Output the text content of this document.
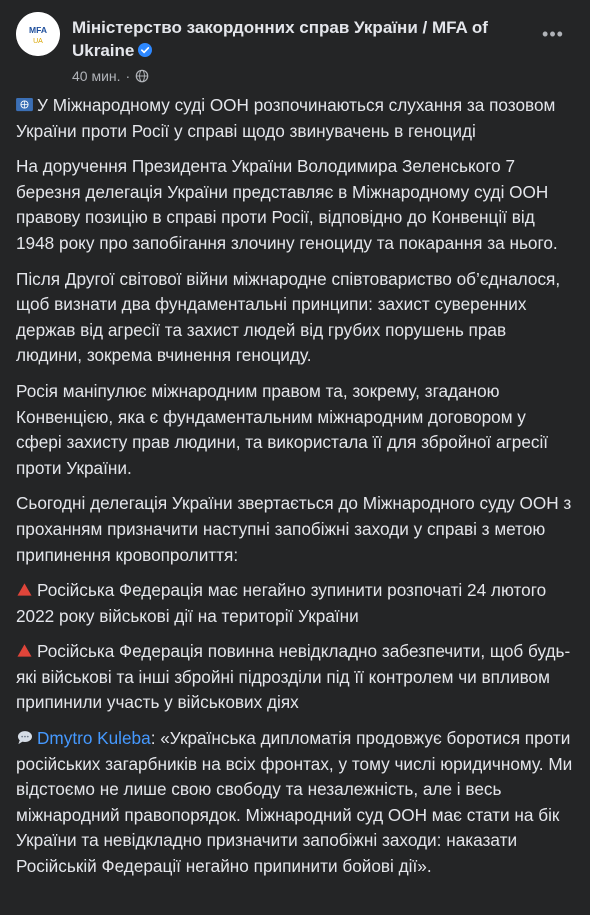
MFA
UA
Міністерство закордонних справ України / MFA of Ukraine
40 мин. ·
•••

У Міжнародному суді ООН розпочинаються слухання за позовом України проти Росії у справі щодо звинувачень в геноциді

На доручення Президента України Володимира Зеленського 7 березня делегація України представляє в Міжнародному суді ООН правову позицію в справі проти Росії, відповідно до Конвенції від 1948 року про запобігання злочину геноциду та покарання за нього.

Після Другої світової війни міжнародне співтовариство об’єдналося, щоб визнати два фундаментальні принципи: захист суверенних держав від агресії та захист людей від грубих порушень прав людини, зокрема вчинення геноциду.

Росія маніпулює міжнародним правом та, зокрему, згаданою Конвенцією, яка є фундаментальним міжнародним договором у сфері захисту прав людини, та використала її для збройної агресії проти України.

Сьогодні делегація України звертається до Міжнародного суду ООН з проханням призначити наступні запобіжні заходи у справі з метою припинення кровопролиття:

Російська Федерація має негайно зупинити розпочаті 24 лютого 2022 року військові дії на території України

Російська Федерація повинна невідкладно забезпечити, щоб будь-які військові та інші збройні підрозділи під її контролем чи впливом припинили участь у військових діях

Dmytro Kuleba: «Українська дипломатія продовжує боротися проти російських загарбників на всіх фронтах, у тому числі юридичному. Ми відстоємо не лише свою свободу та незалежність, але і весь міжнародний правопорядок. Міжнародний суд ООН має стати на бік України та невідкладно призначити запобіжні заходи: наказати Російській Федерації негайно припинити бойові дії».
